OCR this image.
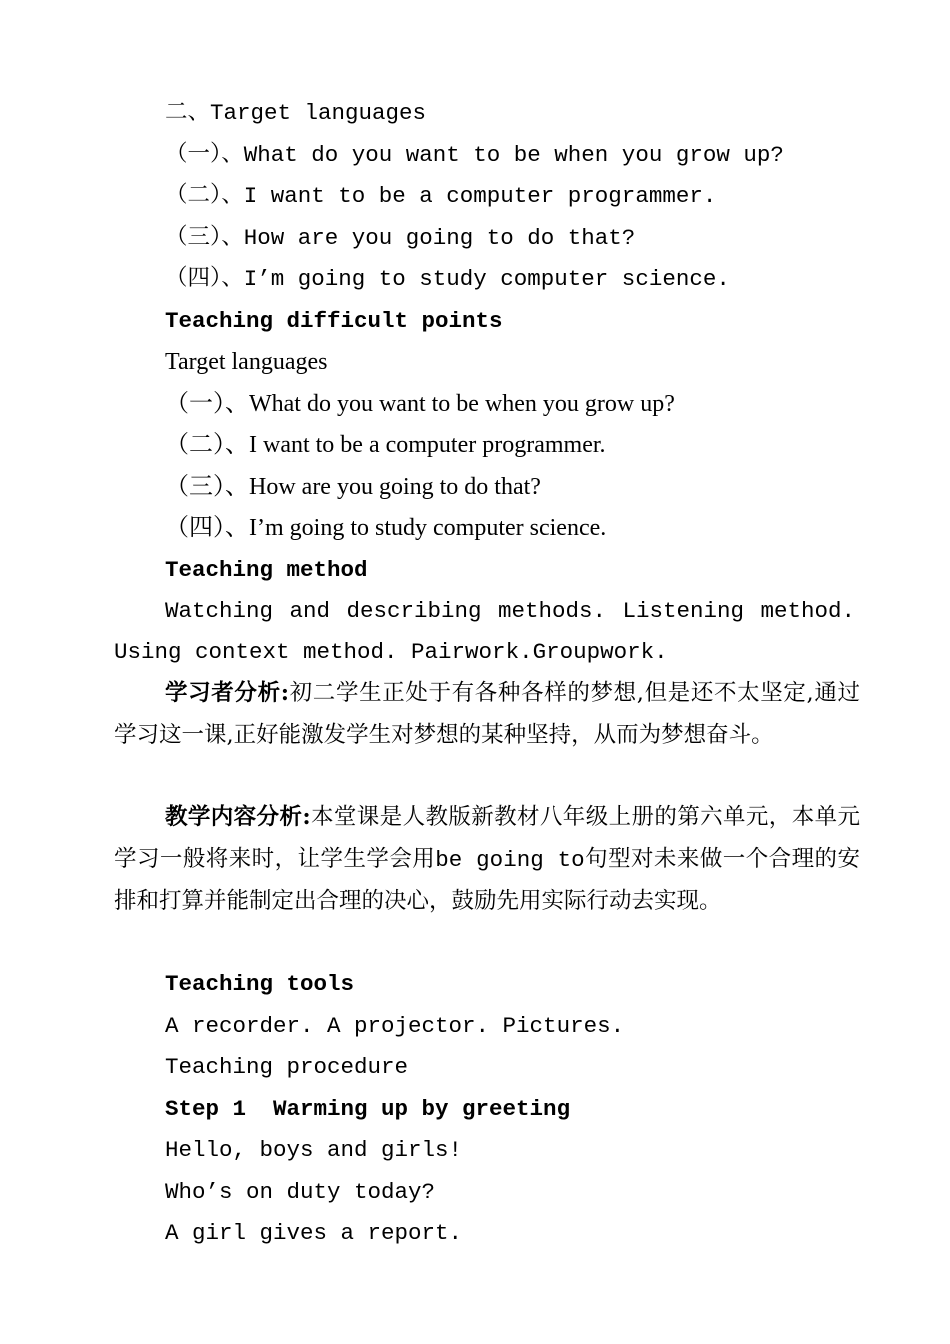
二、Target languages
（一）、What do you want to be when you grow up?
（二）、I want to be a computer programmer.
（三）、How are you going to do that?
（四）、I’m going to study computer science.
Teaching difficult points
Target languages
（一）、What do you want to be when you grow up?
（二）、I want to be a computer programmer.
（三）、How are you going to do that?
（四）、I’m going to study computer science.
Teaching method
Watching and describing methods. Listening method.
Using context method. Pairwork.Groupwork.
学习者分析:初二学生正处于有各种各样的梦想,但是还不太坚定,通过学习这一课,正好能激发学生对梦想的某种坚持，从而为梦想奋斗。
教学内容分析:本堂课是人教版新教材八年级上册的第六单元，本单元学习一般将来时，让学生学会用be going to句型对未来做一个合理的安排和打算并能制定出合理的决心，鼓励先用实际行动去实现。
Teaching tools
A recorder. A projector. Pictures.
Teaching procedure
Step 1  Warming up by greeting
Hello, boys and girls!
Who’s on duty today?
A girl gives a report.
